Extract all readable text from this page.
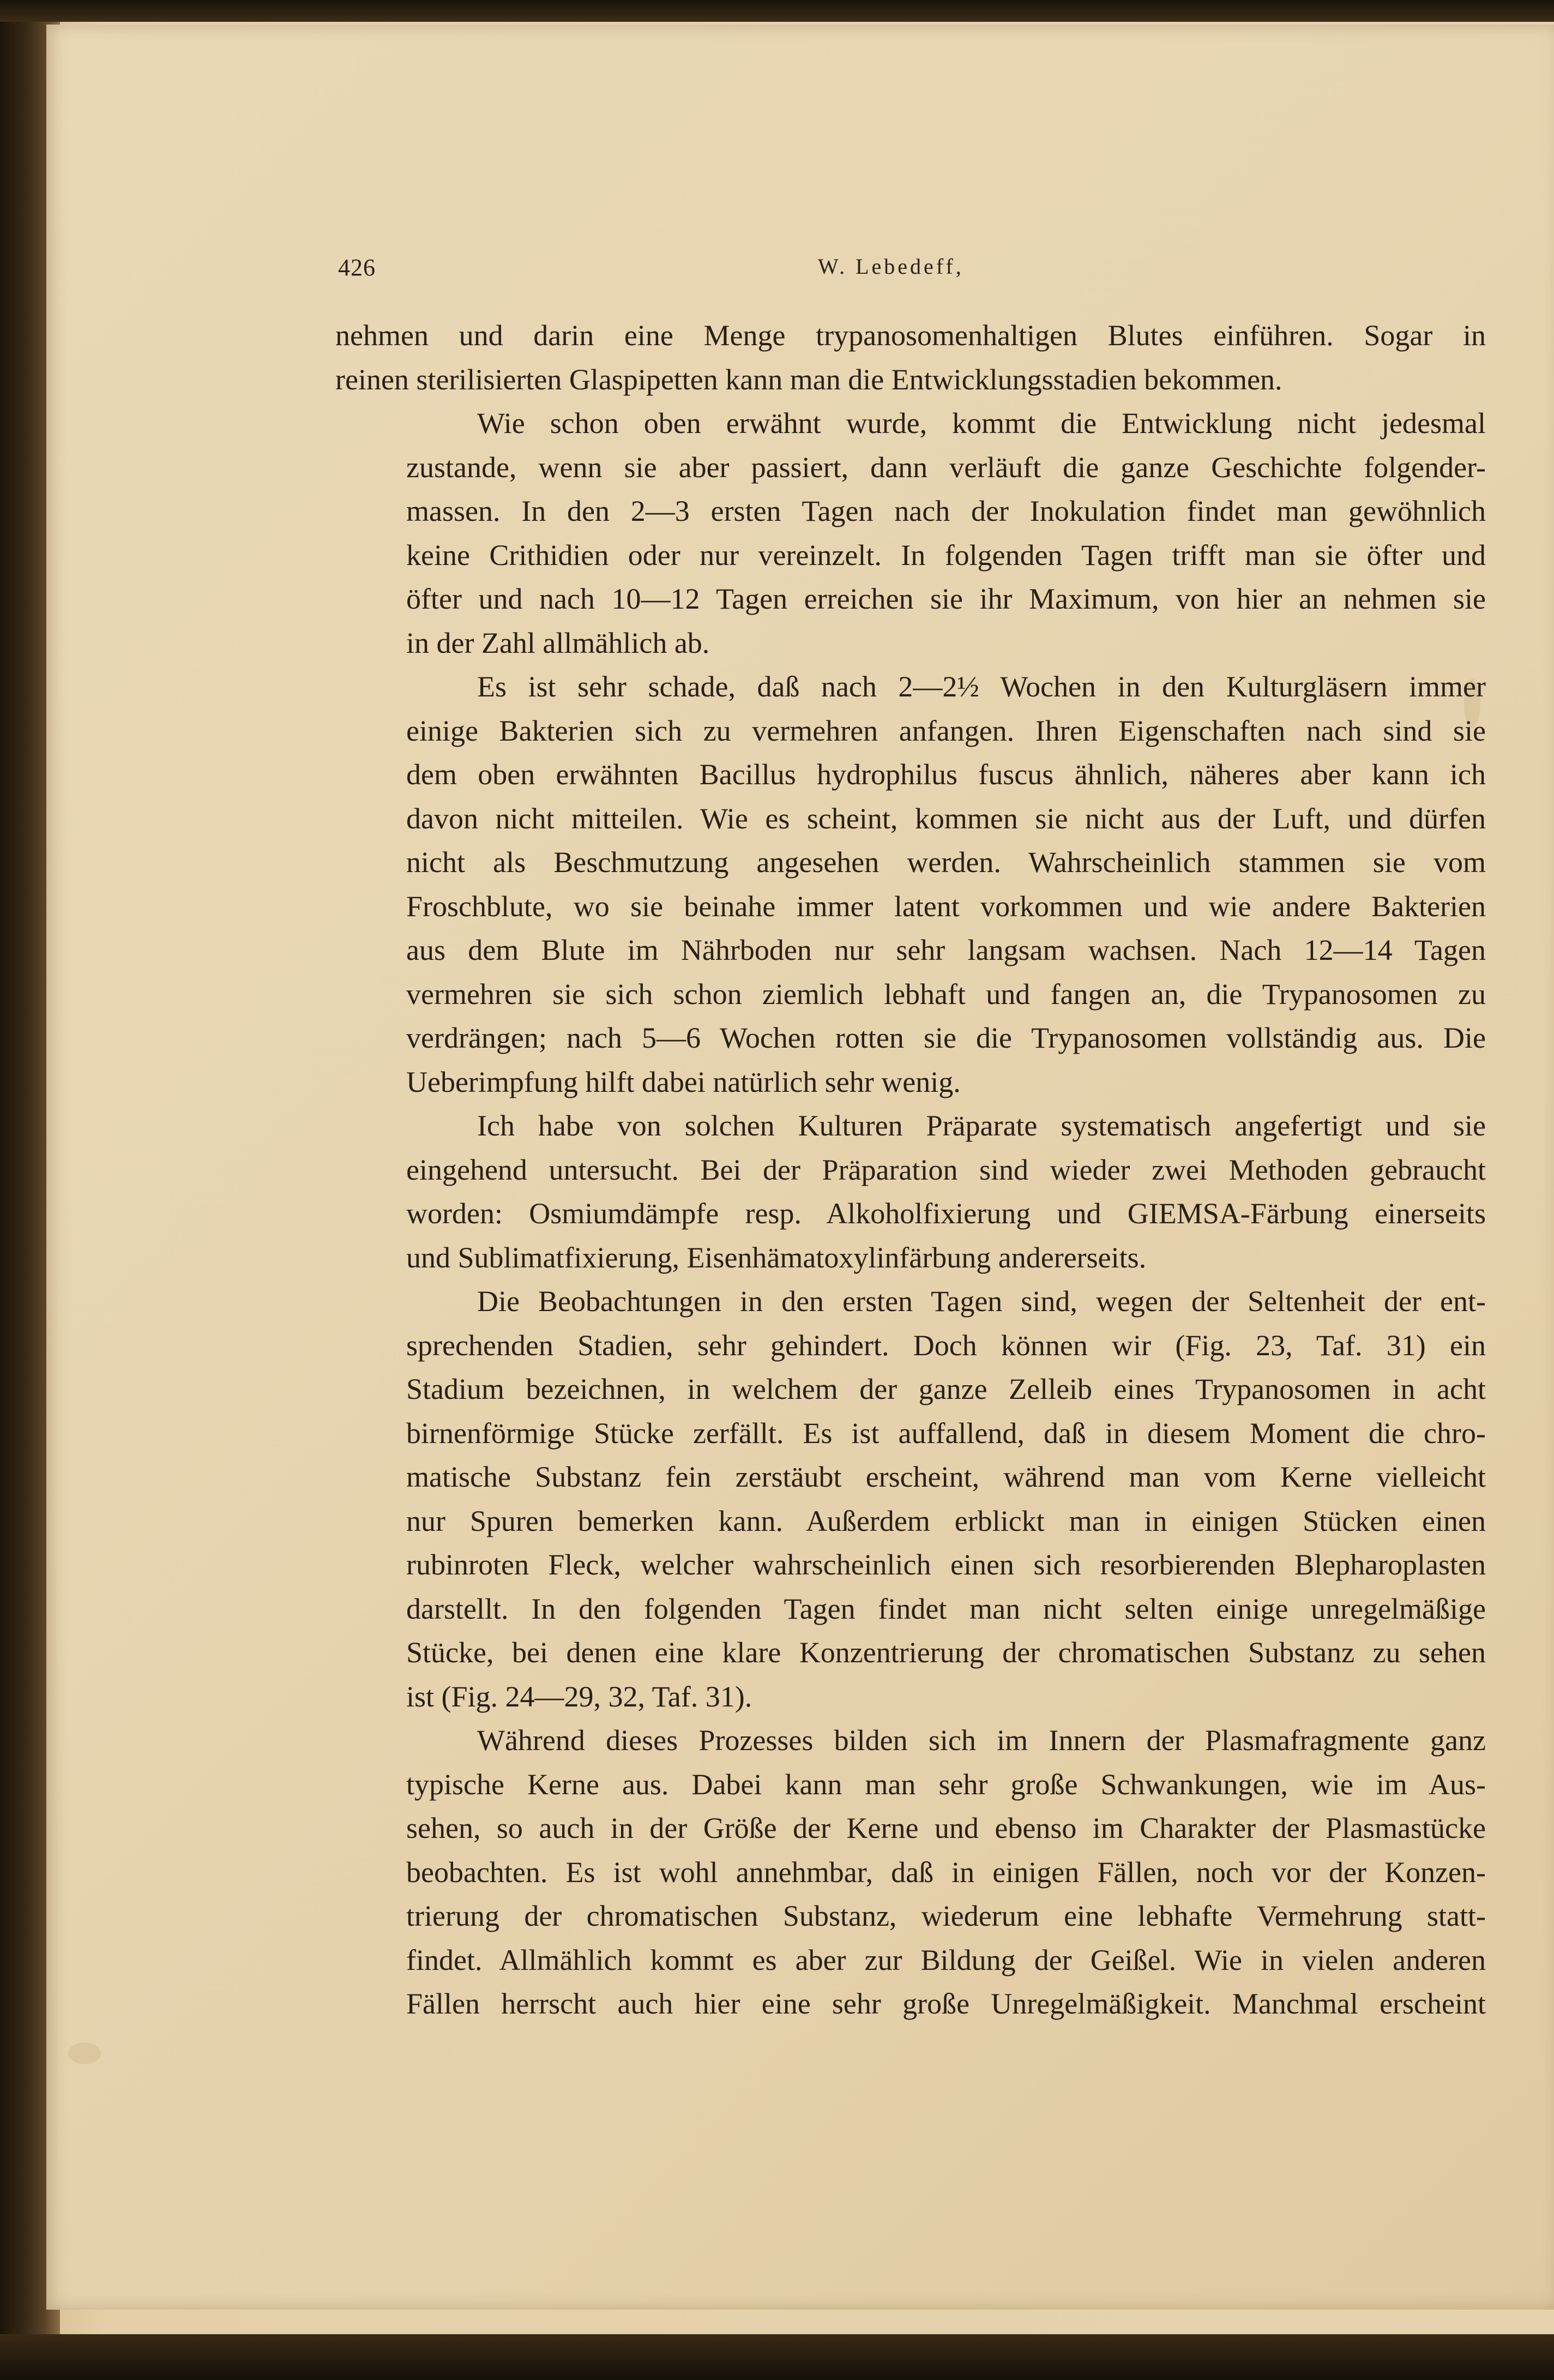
426	W. Lebedeff,
nehmen und darin eine Menge trypanosomenhaltigen Blutes einführen. Sogar in
reinen sterilisierten Glaspipetten kann man die Entwicklungsstadien bekommen.
Wie schon oben erwähnt wurde, kommt die Entwicklung nicht jedesmal
zustande, wenn sie aber passiert, dann verläuft die ganze Geschichte folgender-
massen. In den 2—3 ersten Tagen nach der Inokulation findet man gewöhnlich
keine Crithidien oder nur vereinzelt. In folgenden Tagen trifft man sie öfter und
öfter und nach 10—12 Tagen erreichen sie ihr Maximum, von hier an nehmen sie
in der Zahl allmählich ab.
Es ist sehr schade, daß nach 2—2½ Wochen in den Kulturgläsern immer
einige Bakterien sich zu vermehren anfangen. Ihren Eigenschaften nach sind sie
dem oben erwähnten Bacillus hydrophilus fuscus ähnlich, näheres aber kann ich
davon nicht mitteilen. Wie es scheint, kommen sie nicht aus der Luft, und dürfen
nicht als Beschmutzung angesehen werden. Wahrscheinlich stammen sie vom
Froschblute, wo sie beinahe immer latent vorkommen und wie andere Bakterien
aus dem Blute im Nährboden nur sehr langsam wachsen. Nach 12—14 Tagen
vermehren sie sich schon ziemlich lebhaft und fangen an, die Trypanosomen zu
verdrängen; nach 5—6 Wochen rotten sie die Trypanosomen vollständig aus. Die
Ueberimpfung hilft dabei natürlich sehr wenig.
Ich habe von solchen Kulturen Präparate systematisch angefertigt und sie
eingehend untersucht. Bei der Präparation sind wieder zwei Methoden gebraucht
worden: Osmiumdämpfe resp. Alkoholfixierung und GIEMSA-Färbung einerseits
und Sublimatfixierung, Eisenhämatoxylinfärbung andererseits.
Die Beobachtungen in den ersten Tagen sind, wegen der Seltenheit der ent-
sprechenden Stadien, sehr gehindert. Doch können wir (Fig. 23, Taf. 31) ein
Stadium bezeichnen, in welchem der ganze Zelleib eines Trypanosomen in acht
birnenförmige Stücke zerfällt. Es ist auffallend, daß in diesem Moment die chro-
matische Substanz fein zerstäubt erscheint, während man vom Kerne vielleicht
nur Spuren bemerken kann. Außerdem erblickt man in einigen Stücken einen
rubinroten Fleck, welcher wahrscheinlich einen sich resorbierenden Blepharoplasten
darstellt. In den folgenden Tagen findet man nicht selten einige unregelmäßige
Stücke, bei denen eine klare Konzentrierung der chromatischen Substanz zu sehen
ist (Fig. 24—29, 32, Taf. 31).
Während dieses Prozesses bilden sich im Innern der Plasmafragmente ganz
typische Kerne aus. Dabei kann man sehr große Schwankungen, wie im Aus-
sehen, so auch in der Größe der Kerne und ebenso im Charakter der Plasmastücke
beobachten. Es ist wohl annehmbar, daß in einigen Fällen, noch vor der Konzen-
trierung der chromatischen Substanz, wiederum eine lebhafte Vermehrung statt-
findet. Allmählich kommt es aber zur Bildung der Geißel. Wie in vielen anderen
Fällen herrscht auch hier eine sehr große Unregelmäßigkeit. Manchmal erscheint
